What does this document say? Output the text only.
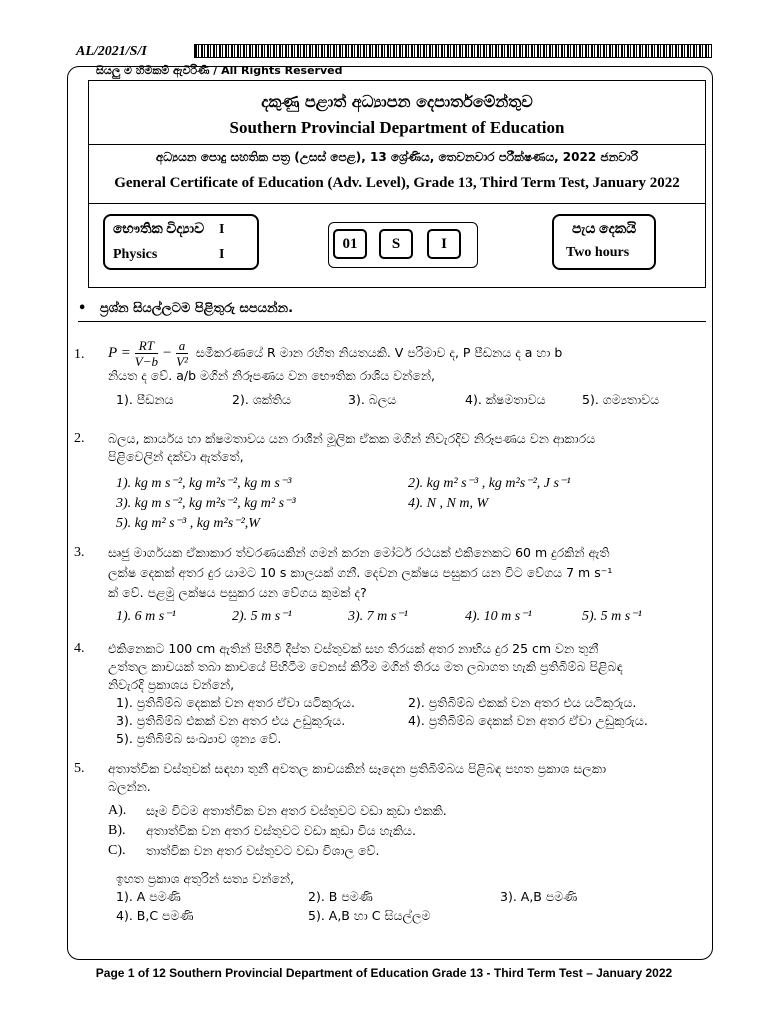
AL/2021/S/I
සියලු ම හිමිකම් ඇවිරිණි / All Rights Reserved
දකුණු පළාත් අධ්‍යාපන දෙපාර්තමේන්තුව
Southern Provincial Department of Education
අධ්‍යයන පොදු සහතික පත්‍ර (උසස් පෙළ), 13 ශ්‍රේණිය, තෙවනවාර පරීක්ෂණය, 2022 ජනවාරි
General Certificate of Education (Adv. Level), Grade 13, Third Term Test, January 2022
භෞතික විද්‍යාව I
Physics	I
01	S	I
පැය දෙකයි
Two hours
•   ප්‍රශ්න සියල්ලටම පිළිතුරු සපයන්න.
1. $P = \frac{RT}{V-b} - \frac{a}{\text{V²}}$ සමීකරණයේ R මාන රහිත නියතයකි. V පරිමාව ද, P පීඩනය ද a හා b
නියත ද වේ. a/b මගින් නිරූපණය වන භෞතික රාශිය වන්නේ,
1). පීඩනය	2). ශක්තිය	3). බලය	4). ක්ෂමතාවය	5). ගම්‍යතාවය
2. බලය, කාර්යය හා ක්ෂමතාවය යන රාශීන් මූලික ඒකක මගින් නිවැරදිව නිරූපණය වන ආකාරය
පිළිවෙලින් දක්වා ඇත්තේ,
1). kg m s⁻², kg m²s⁻², kg m s⁻³	2). kg m² s⁻³ , kg m²s⁻², J s⁻¹
3). kg m s⁻², kg m²s⁻², kg m² s⁻³	4). N , N m, W
5). kg m² s⁻³ , kg m²s⁻²,W
3. සෘජු මාර්ගයක ඒකාකාර ත්වරණයකින් ගමන් කරන මෝටර් රථයක් එකිනෙකට 60 m දුරකින් ඇති
ලක්ෂ දෙකක් අතර දුර යාමට 10 s කාලයක් ගනී. දෙවන ලක්ෂය පසුකර යන විට වේගය 7 m s⁻¹
ක් වේ. පළමු ලක්ෂය පසුකර යන වේගය කුමක් ද?
1). 6 m s⁻¹	2). 5 m s⁻¹	3). 7 m s⁻¹	4). 10 m s⁻¹	5). 5 m s⁻¹
4. එකිනෙකට 100 cm ඇතින් පිහිටි දීප්ත වස්තුවක් සහ තිරයක් අතර නාභිය දුර 25 cm වන තුනී
උත්තල කාචයක් තබා කාචයේ පිහිටීම වෙනස් කිරීම මගින් තිරය මත ලබාගත හැකි ප්‍රතිබිම්බ පිළිබඳ
නිවැරදි ප්‍රකාශය වන්නේ,
1). ප්‍රතිබිම්බ දෙකක් වන අතර ඒවා යටිකුරුය.	2). ප්‍රතිබිම්බ එකක් වන අතර එය යටිකුරුය.
3). ප්‍රතිබිම්බ එකක් වන අතර එය උඩුකුරුය.	4). ප්‍රතිබිම්බ දෙකක් වන අතර ඒවා උඩුකුරුය.
5). ප්‍රතිබිම්බ සංඛ්‍යාව ශූන්‍ය වේ.
5. අතාත්වික වස්තුවක් සඳහා තුනී අවතල කාචයකින් සෑදෙන ප්‍රතිබිම්බය පිළිබඳ පහත ප්‍රකාශ සලකා
බලන්න.
A). සෑම විටම අතාත්වික වන අතර වස්තුවට වඩා කුඩා එකකි.
B). අතාත්වික වන අතර වස්තුවට වඩා කුඩා විය හැකිය.
C). තාත්වික වන අතර වස්තුවට වඩා විශාල වේ.
ඉහත ප්‍රකාශ අතුරින් සත්‍ය වන්නේ,
1). A පමණි	2). B පමණි	3). A,B පමණි
4). B,C පමණි	5). A,B හා C සියල්ලම
Page 1 of 12 Southern Provincial Department of Education Grade 13 - Third Term Test – January 2022
